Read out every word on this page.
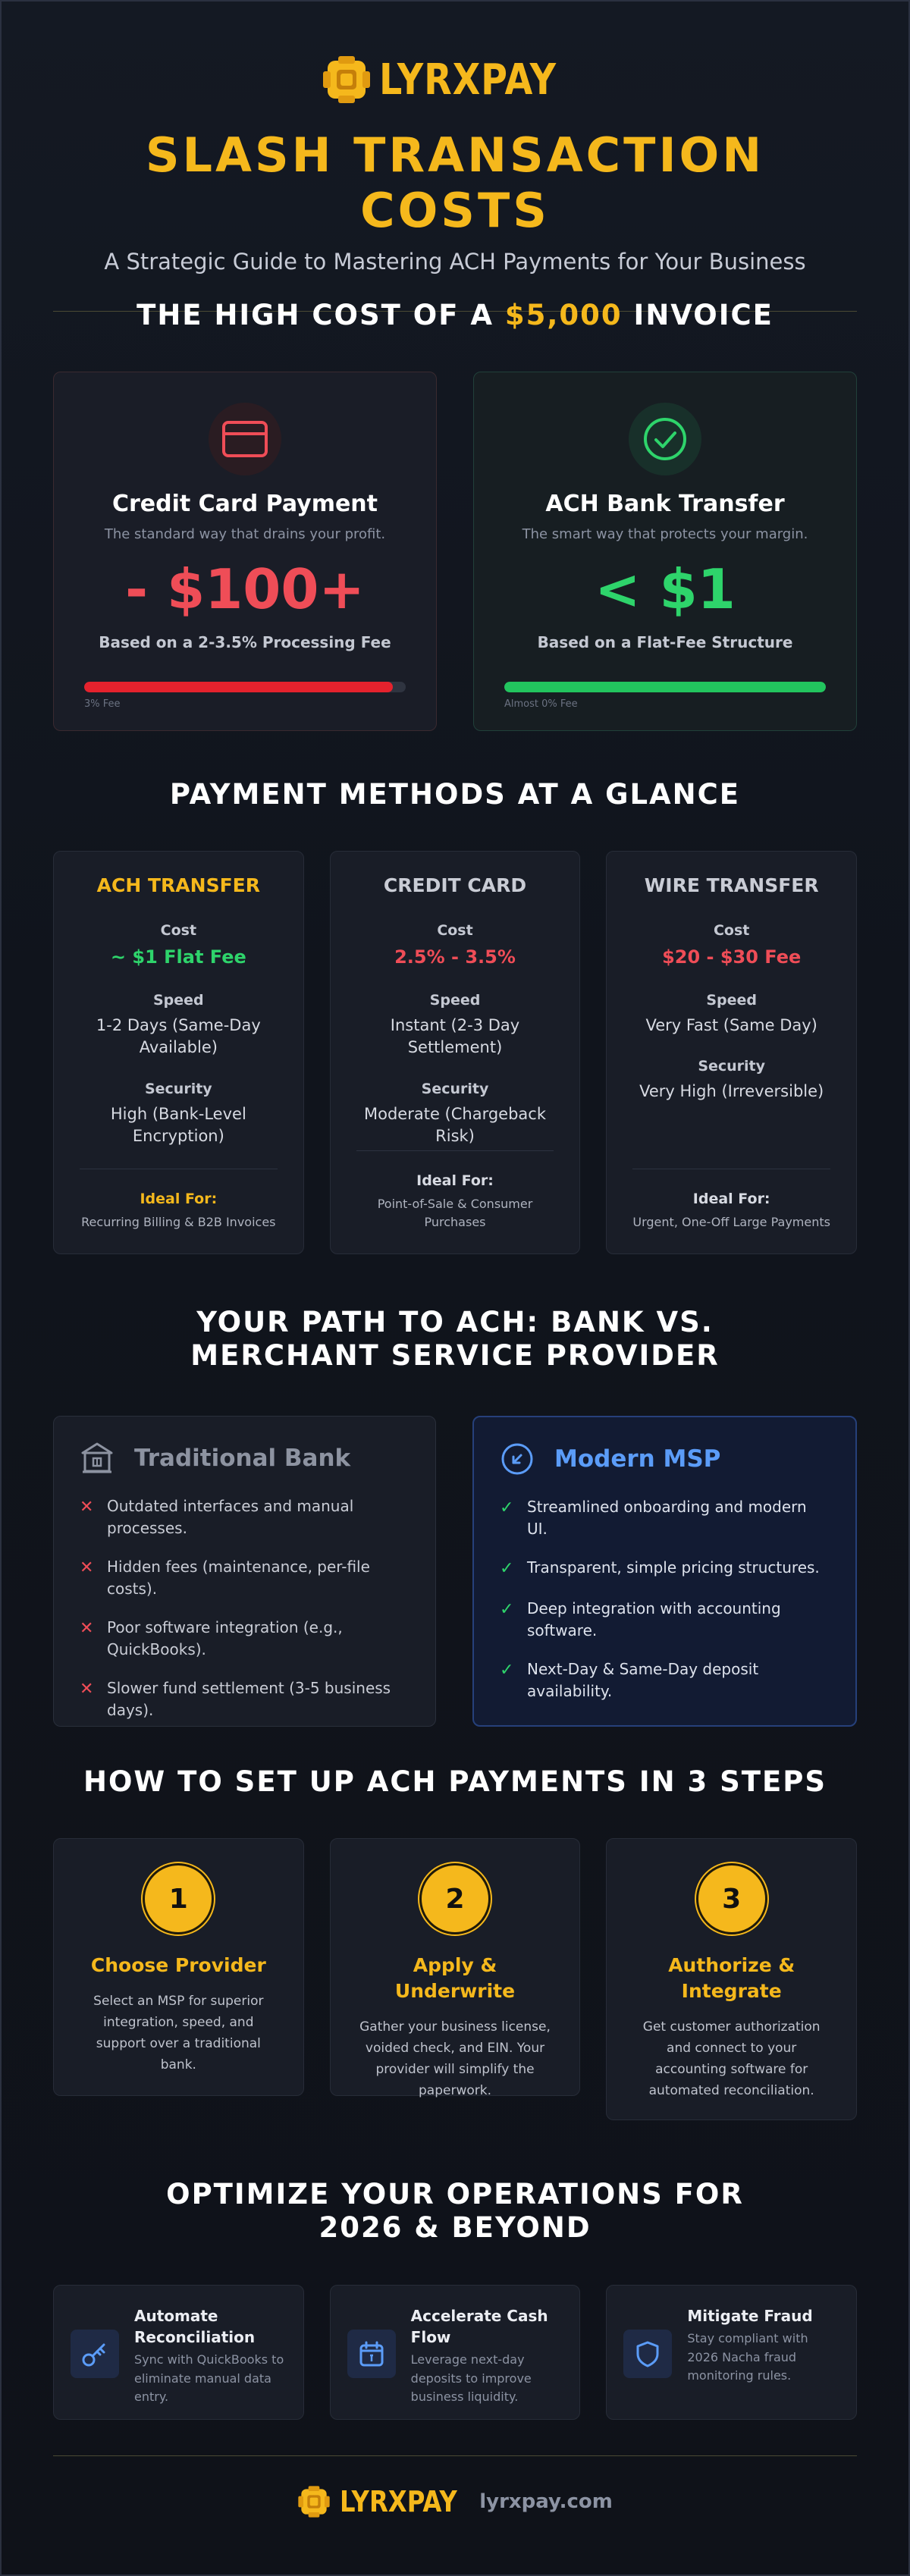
LYRXPAY
SLASH TRANSACTION COSTS

A Strategic Guide to Mastering ACH Payments for Your Business

THE HIGH COST OF A $5,000 INVOICE
Credit Card Payment
The standard way that drains your profit.
- $100+
Based on a 2-3.5% Processing Fee
3% Fee
ACH Bank Transfer
The smart way that protects your margin.
< $1
Based on a Flat-Fee Structure
Almost 0% Fee
PAYMENT METHODS AT A GLANCE
ACH TRANSFER
Cost
~ $1 Flat Fee
Speed
1-2 Days (Same-Day Available)
Security
High (Bank-Level Encryption)
Ideal For:
Recurring Billing & B2B Invoices
CREDIT CARD
Cost
2.5% - 3.5%
Speed
Instant (2-3 Day Settlement)
Security
Moderate (Chargeback Risk)
Ideal For:
Point-of-Sale & Consumer Purchases
WIRE TRANSFER
Cost
$20 - $30 Fee
Speed
Very Fast (Same Day)
Security
Very High (Irreversible)
Ideal For:
Urgent, One-Off Large Payments
YOUR PATH TO ACH: BANK VS. MERCHANT SERVICE PROVIDER
Traditional Bank
✕ Outdated interfaces and manual processes.
✕ Hidden fees (maintenance, per-file costs).
✕ Poor software integration (e.g., QuickBooks).
✕ Slower fund settlement (3-5 business days).
Modern MSP
✓ Streamlined onboarding and modern UI.
✓ Transparent, simple pricing structures.
✓ Deep integration with accounting software.
✓ Next-Day & Same-Day deposit availability.
HOW TO SET UP ACH PAYMENTS IN 3 STEPS
1
Choose Provider
Select an MSP for superior integration, speed, and support over a traditional bank.
2
Apply & Underwrite
Gather your business license, voided check, and EIN. Your provider will simplify the paperwork.
3
Authorize & Integrate
Get customer authorization and connect to your accounting software for automated reconciliation.
OPTIMIZE YOUR OPERATIONS FOR 2026 & BEYOND
Automate Reconciliation
Sync with QuickBooks to eliminate manual data entry.
Accelerate Cash Flow
Leverage next-day deposits to improve business liquidity.
Mitigate Fraud
Stay compliant with 2026 Nacha fraud monitoring rules.
LYRXPAY lyrxpay.com
